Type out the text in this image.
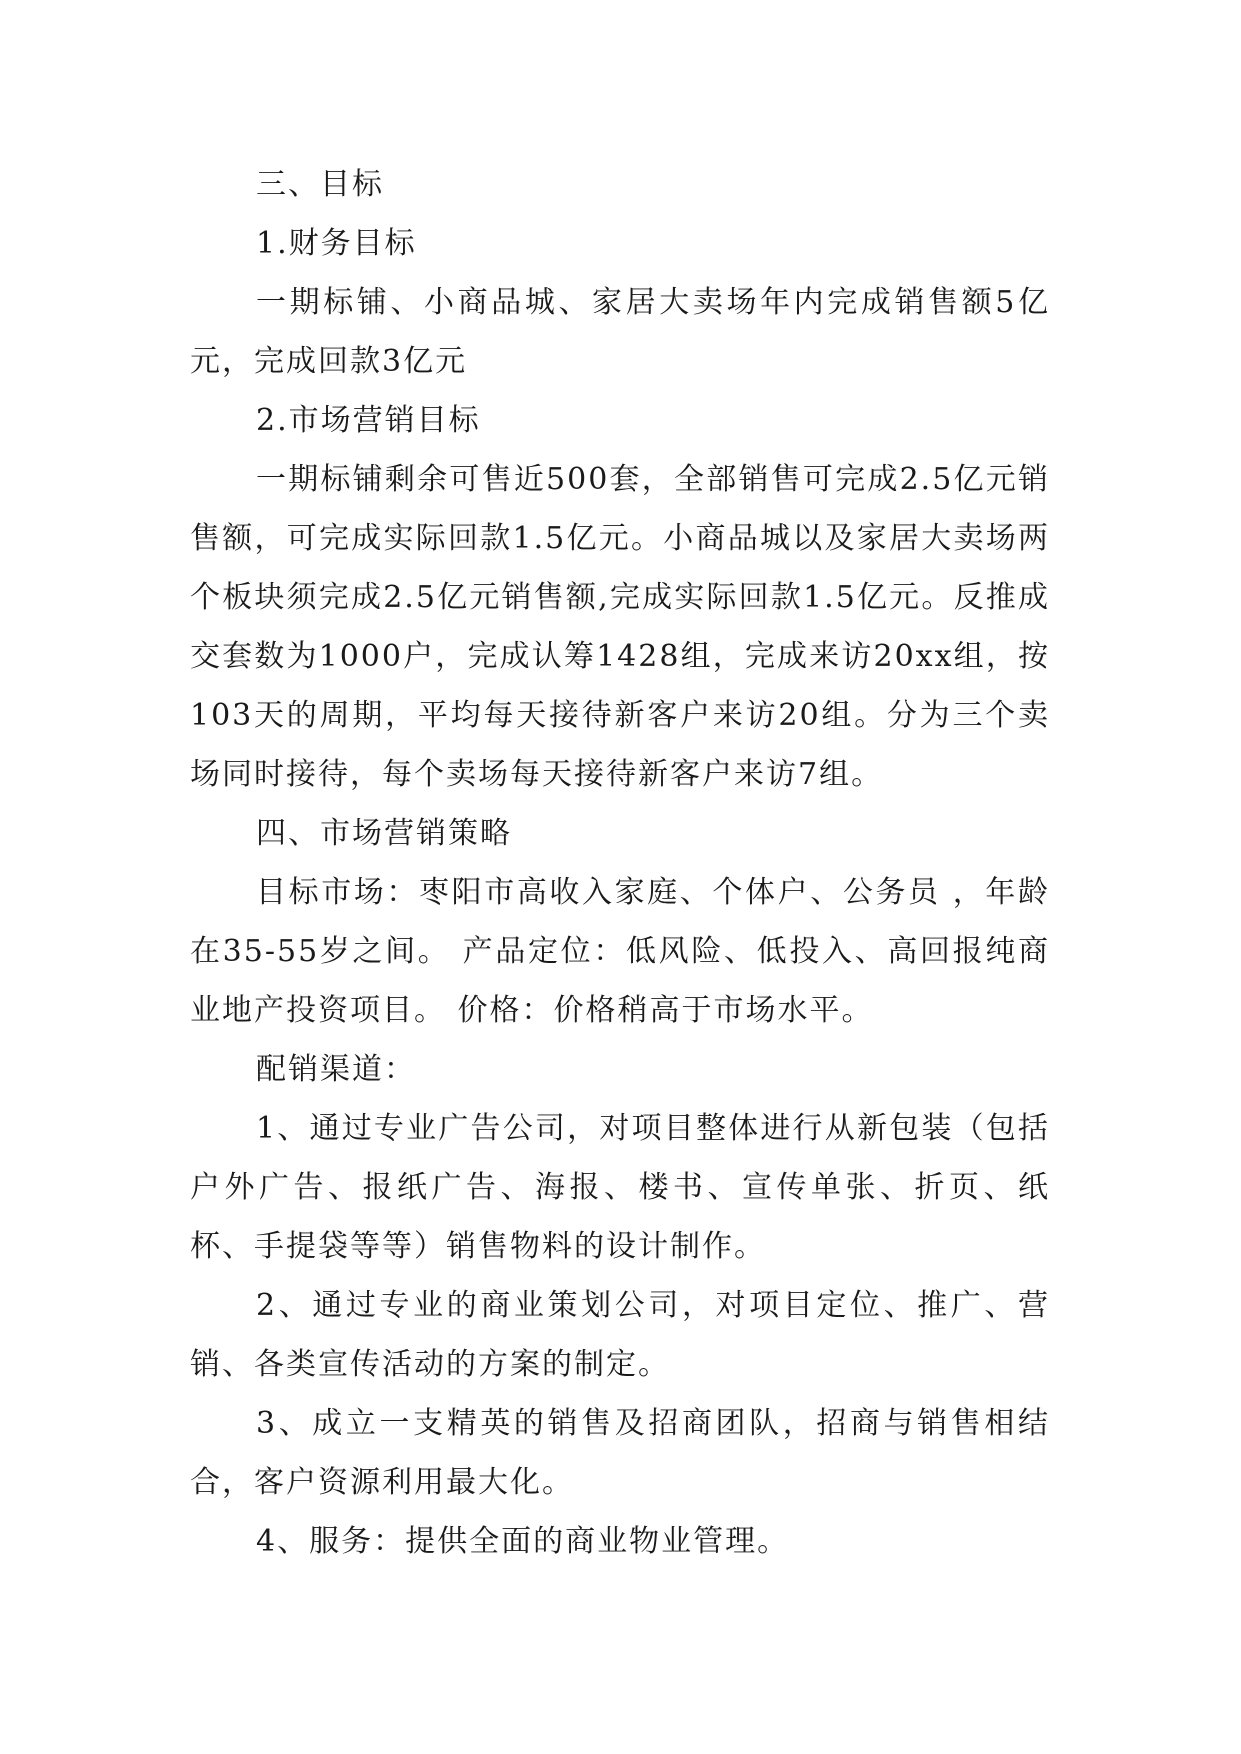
三、目标

1.财务目标

一期标铺、小商品城、家居大卖场年内完成销售额5亿元，完成回款3亿元

2.市场营销目标

一期标铺剩余可售近500套，全部销售可完成2.5亿元销售额，可完成实际回款1.5亿元。小商品城以及家居大卖场两个板块须完成2.5亿元销售额,完成实际回款1.5亿元。反推成交套数为1000户，完成认筹1428组，完成来访20xx组，按103天的周期，平均每天接待新客户来访20组。分为三个卖场同时接待，每个卖场每天接待新客户来访7组。

四、市场营销策略

目标市场：枣阳市高收入家庭、个体户、公务员 ，年龄在35-55岁之间。 产品定位：低风险、低投入、高回报纯商业地产投资项目。 价格：价格稍高于市场水平。

配销渠道：

1、通过专业广告公司，对项目整体进行从新包装（包括户外广告、报纸广告、海报、楼书、宣传单张、折页、纸杯、手提袋等等）销售物料的设计制作。

2、通过专业的商业策划公司，对项目定位、推广、营销、各类宣传活动的方案的制定。

3、成立一支精英的销售及招商团队，招商与销售相结合，客户资源利用最大化。

4、服务：提供全面的商业物业管理。
